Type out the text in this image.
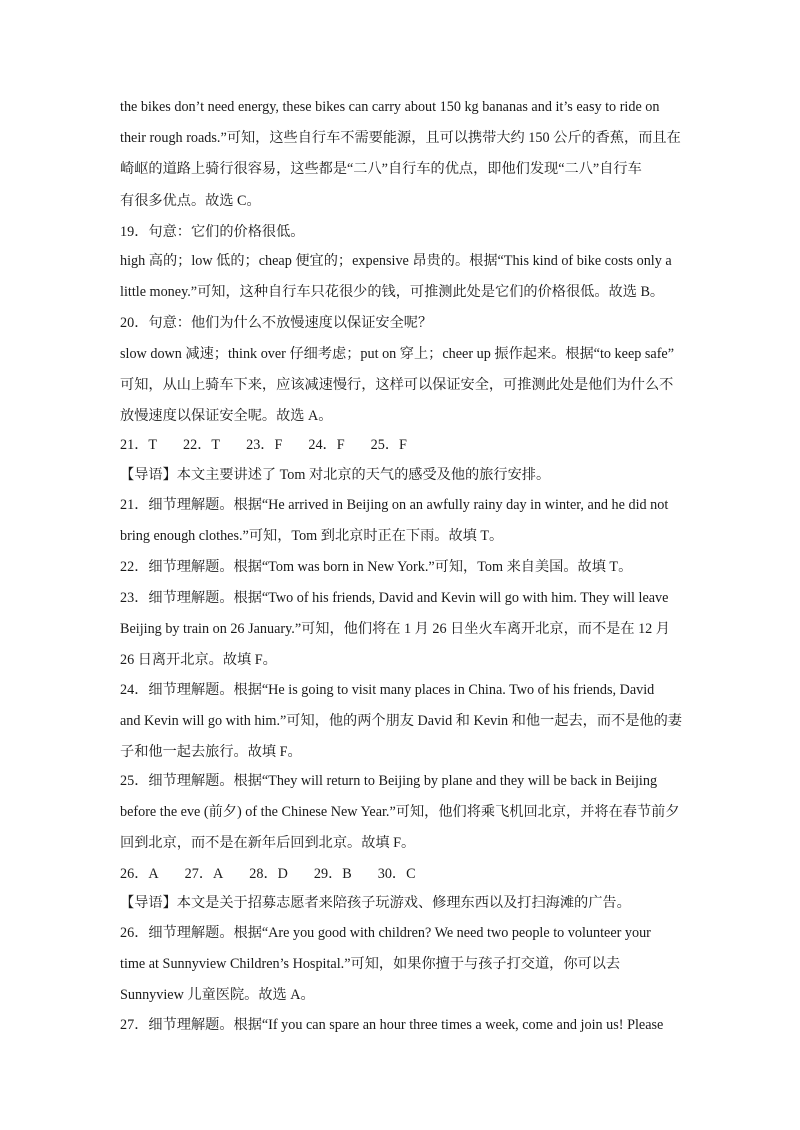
the bikes don’t need energy, these bikes can carry about 150 kg bananas and it’s easy to ride on
their rough roads.”可知，这些自行车不需要能源，且可以携带大约 150 公斤的香蕉，而且在
崎岖的道路上骑行很容易，这些都是“二八”自行车的优点，即他们发现“二八”自行车
有很多优点。故选 C。
19．句意：它们的价格很低。
high 高的；low 低的；cheap 便宜的；expensive 昂贵的。根据“This kind of bike costs only a
little money.”可知，这种自行车只花很少的钱，可推测此处是它们的价格很低。故选 B。
20．句意：他们为什么不放慢速度以保证安全呢？
slow down 减速；think over 仔细考虑；put on 穿上；cheer up 振作起来。根据“to keep safe”
可知，从山上骑车下来，应该减速慢行，这样可以保证安全，可推测此处是他们为什么不
放慢速度以保证安全呢。故选 A。
21．T 22．T 23．F 24．F 25．F
【导语】本文主要讲述了 Tom 对北京的天气的感受及他的旅行安排。
21．细节理解题。根据“He arrived in Beijing on an awfully rainy day in winter, and he did not
bring enough clothes.”可知，Tom 到北京时正在下雨。故填 T。
22．细节理解题。根据“Tom was born in New York.”可知，Tom 来自美国。故填 T。
23．细节理解题。根据“Two of his friends, David and Kevin will go with him. They will leave
Beijing by train on 26 January.”可知，他们将在 1 月 26 日坐火车离开北京，而不是在 12 月
26 日离开北京。故填 F。
24．细节理解题。根据“He is going to visit many places in China. Two of his friends, David
and Kevin will go with him.”可知，他的两个朋友 David 和 Kevin 和他一起去，而不是他的妻
子和他一起去旅行。故填 F。
25．细节理解题。根据“They will return to Beijing by plane and they will be back in Beijing
before the eve (前夕) of the Chinese New Year.”可知，他们将乘飞机回北京，并将在春节前夕
回到北京，而不是在新年后回到北京。故填 F。
26．A 27．A 28．D 29．B 30．C
【导语】本文是关于招募志愿者来陪孩子玩游戏、修理东西以及打扫海滩的广告。
26．细节理解题。根据“Are you good with children? We need two people to volunteer your
time at Sunnyview Children’s Hospital.”可知，如果你擅于与孩子打交道，你可以去
Sunnyview 儿童医院。故选 A。
27．细节理解题。根据“If you can spare an hour three times a week, come and join us! Please
